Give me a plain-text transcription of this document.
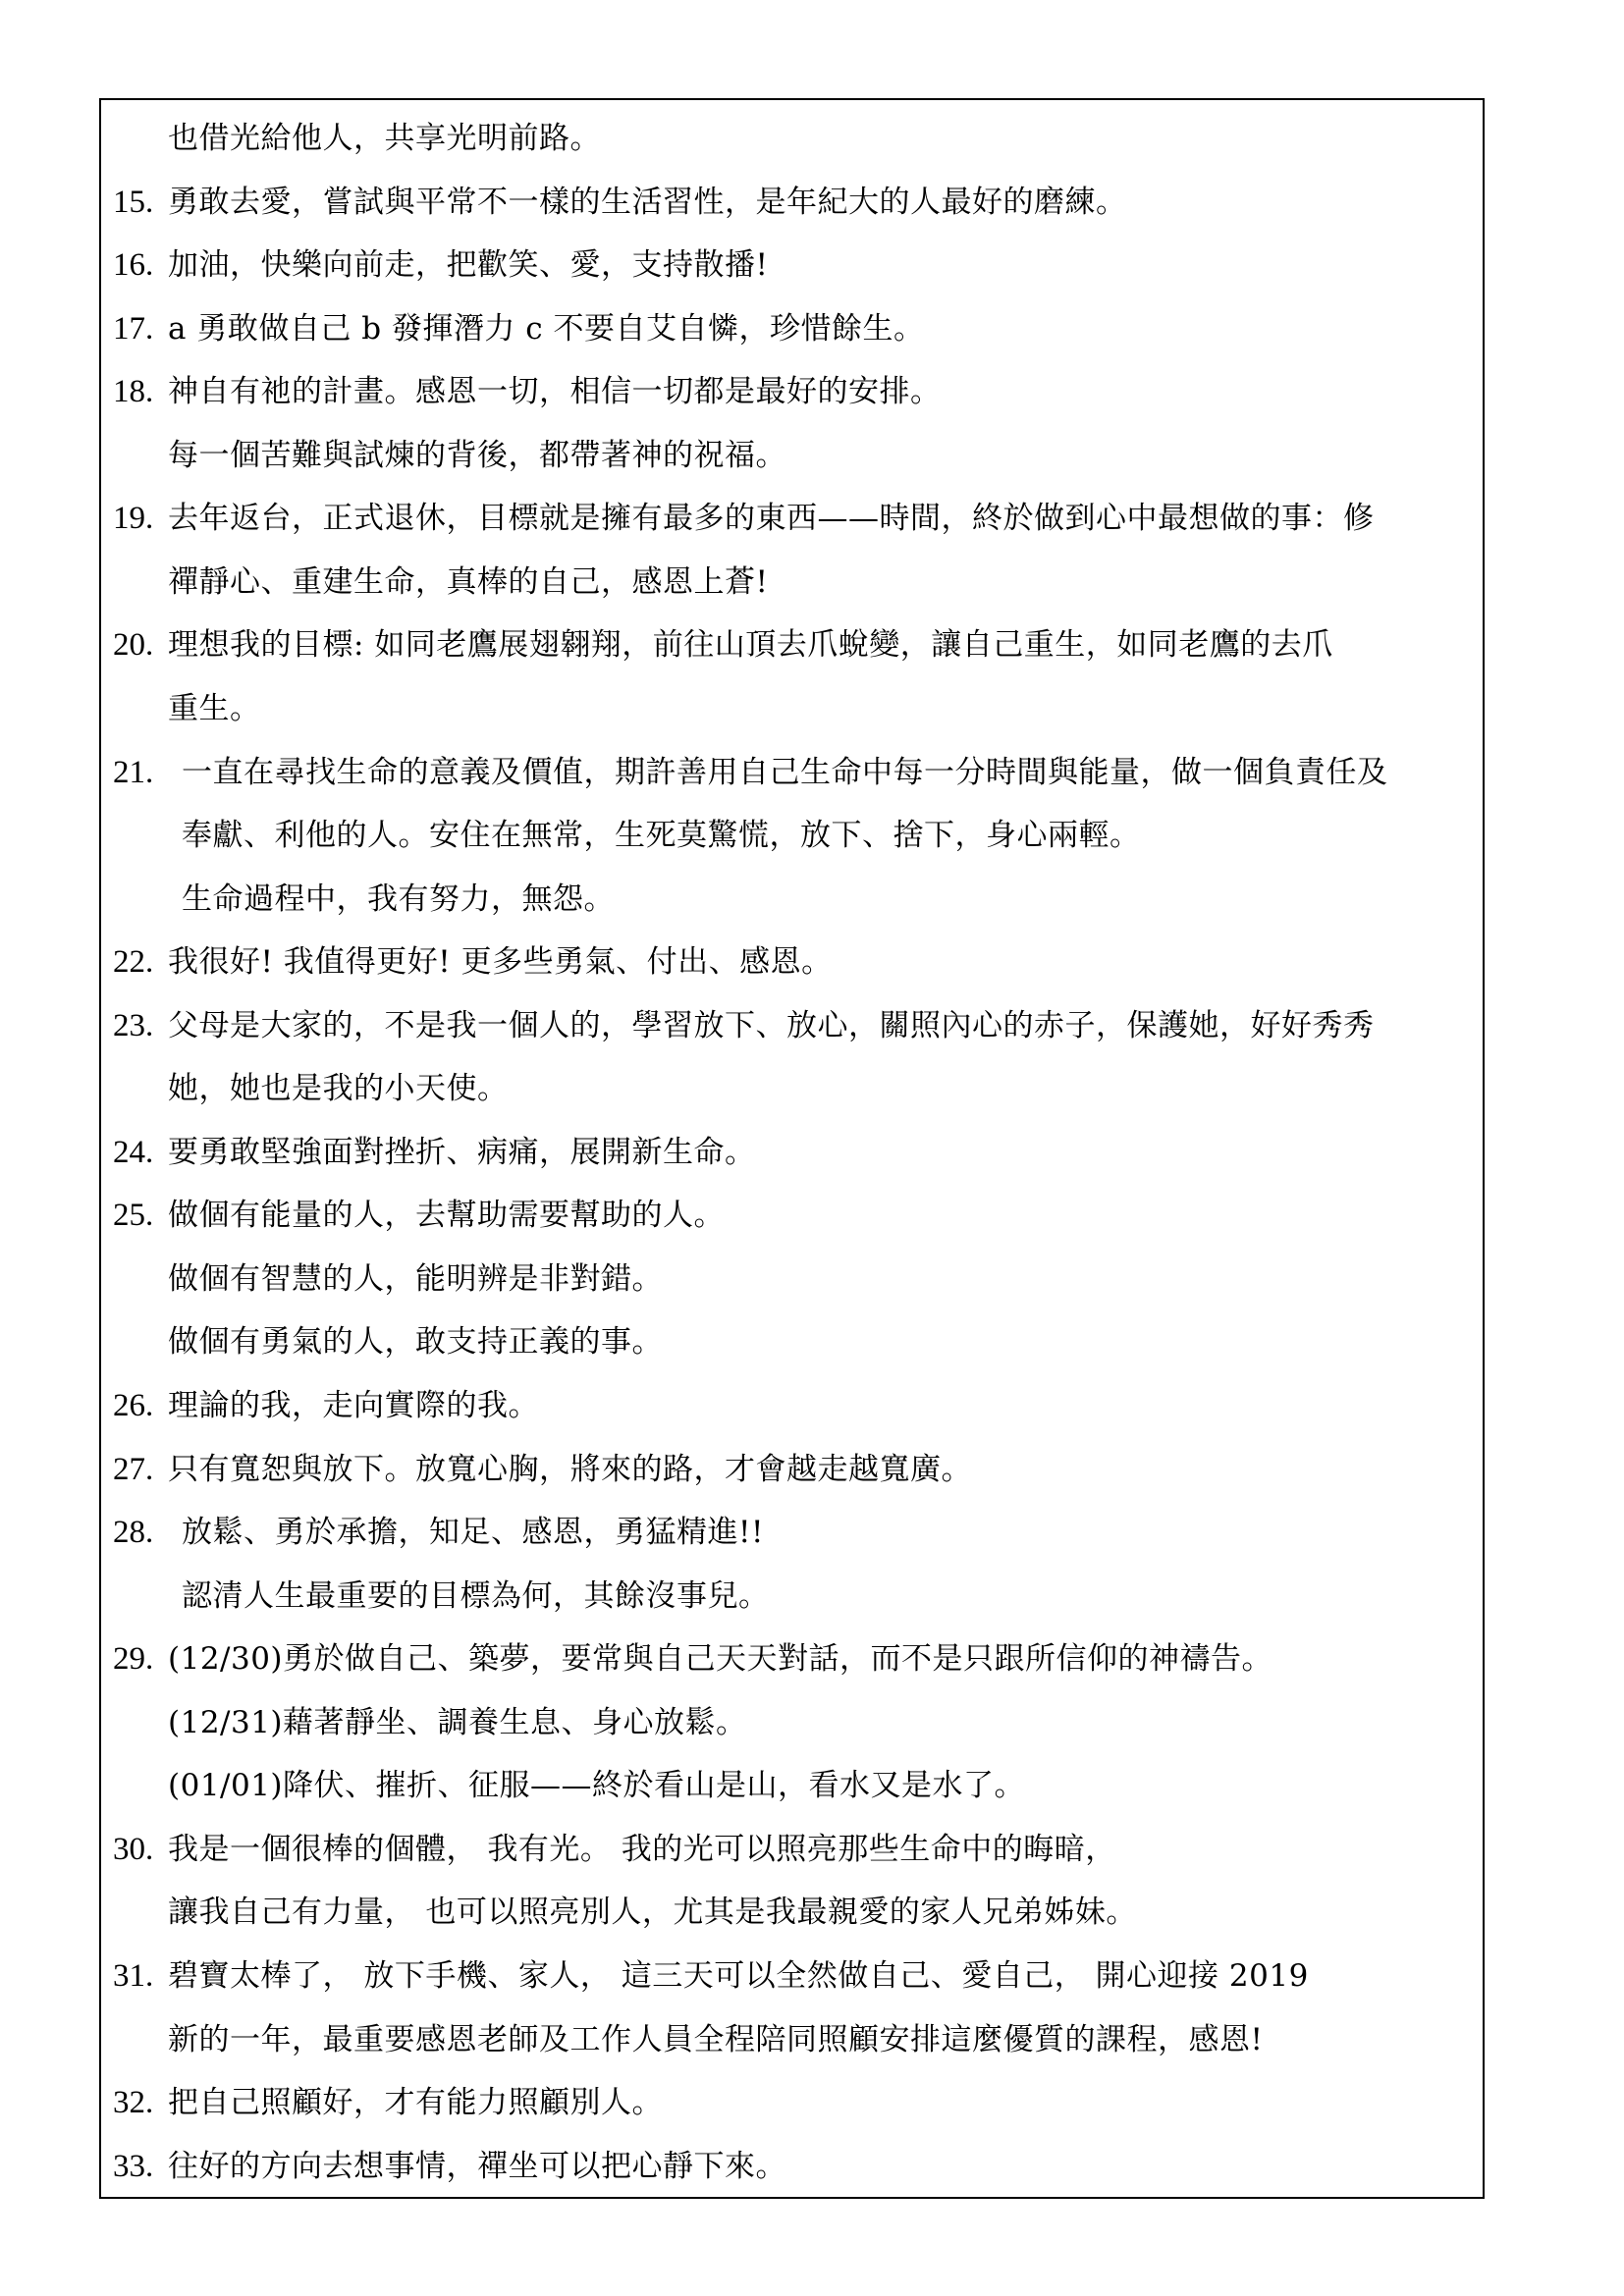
也借光給他人，共享光明前路。
15. 勇敢去愛，嘗試與平常不一樣的生活習性，是年紀大的人最好的磨練。
16. 加油，快樂向前走，把歡笑、愛，支持散播!
17. a 勇敢做自己 b 發揮潛力 c 不要自艾自憐，珍惜餘生。
18. 神自有祂的計畫。感恩一切，相信一切都是最好的安排。
每一個苦難與試煉的背後，都帶著神的祝福。
19. 去年返台，正式退休，目標就是擁有最多的東西——時間，終於做到心中最想做的事：修
禪靜心、重建生命，真棒的自己，感恩上蒼!
20. 理想我的目標: 如同老鷹展翅翱翔，前往山頂去爪蛻變，讓自己重生，如同老鷹的去爪
重生。
21. 一直在尋找生命的意義及價值，期許善用自己生命中每一分時間與能量，做一個負責任及
奉獻、利他的人。安住在無常，生死莫驚慌，放下、捨下，身心兩輕。
生命過程中，我有努力，無怨。
22. 我很好! 我值得更好! 更多些勇氣、付出、感恩。
23. 父母是大家的，不是我一個人的，學習放下、放心，關照內心的赤子，保護她，好好秀秀
她，她也是我的小天使。
24. 要勇敢堅強面對挫折、病痛，展開新生命。
25. 做個有能量的人，去幫助需要幫助的人。
做個有智慧的人，能明辨是非對錯。
做個有勇氣的人，敢支持正義的事。
26. 理論的我，走向實際的我。
27. 只有寬恕與放下。放寬心胸，將來的路，才會越走越寬廣。
28. 放鬆、勇於承擔，知足、感恩，勇猛精進!!
認清人生最重要的目標為何，其餘沒事兒。
29. (12/30)勇於做自己、築夢，要常與自己天天對話，而不是只跟所信仰的神禱告。
(12/31)藉著靜坐、調養生息、身心放鬆。
(01/01)降伏、摧折、征服——終於看山是山，看水又是水了。
30. 我是一個很棒的個體， 我有光。 我的光可以照亮那些生命中的晦暗，
讓我自己有力量， 也可以照亮別人，尤其是我最親愛的家人兄弟姊妹。
31. 碧寶太棒了， 放下手機、家人， 這三天可以全然做自己、愛自己， 開心迎接 2019
新的一年，最重要感恩老師及工作人員全程陪同照顧安排這麼優質的課程，感恩!
32. 把自己照顧好，才有能力照顧別人。
33. 往好的方向去想事情，禪坐可以把心靜下來。
